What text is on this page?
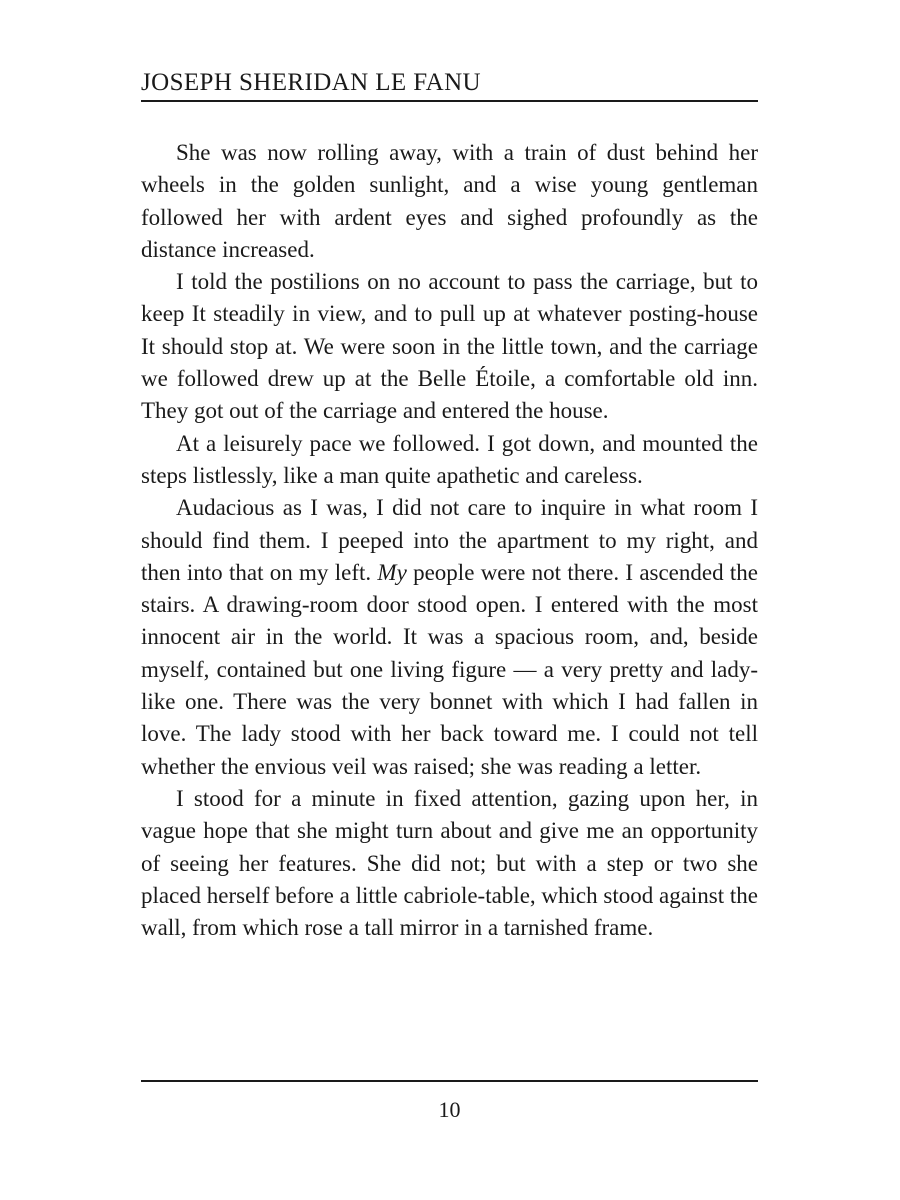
JOSEPH SHERIDAN LE FANU

She was now rolling away, with a train of dust behind her wheels in the golden sunlight, and a wise young gentleman followed her with ardent eyes and sighed profoundly as the distance increased.

I told the postilions on no account to pass the carriage, but to keep It steadily in view, and to pull up at whatever posting-house It should stop at. We were soon in the little town, and the carriage we followed drew up at the Belle Étoile, a comfortable old inn. They got out of the carriage and entered the house.

At a leisurely pace we followed. I got down, and mounted the steps listlessly, like a man quite apathetic and careless.

Audacious as I was, I did not care to inquire in what room I should find them. I peeped into the apartment to my right, and then into that on my left. My people were not there. I ascended the stairs. A drawing-room door stood open. I entered with the most innocent air in the world. It was a spacious room, and, beside myself, contained but one living figure — a very pretty and lady-like one. There was the very bonnet with which I had fallen in love. The lady stood with her back toward me. I could not tell whether the envious veil was raised; she was reading a letter.

I stood for a minute in fixed attention, gazing upon her, in vague hope that she might turn about and give me an opportunity of seeing her features. She did not; but with a step or two she placed herself before a little cabriole-table, which stood against the wall, from which rose a tall mirror in a tarnished frame.

10
